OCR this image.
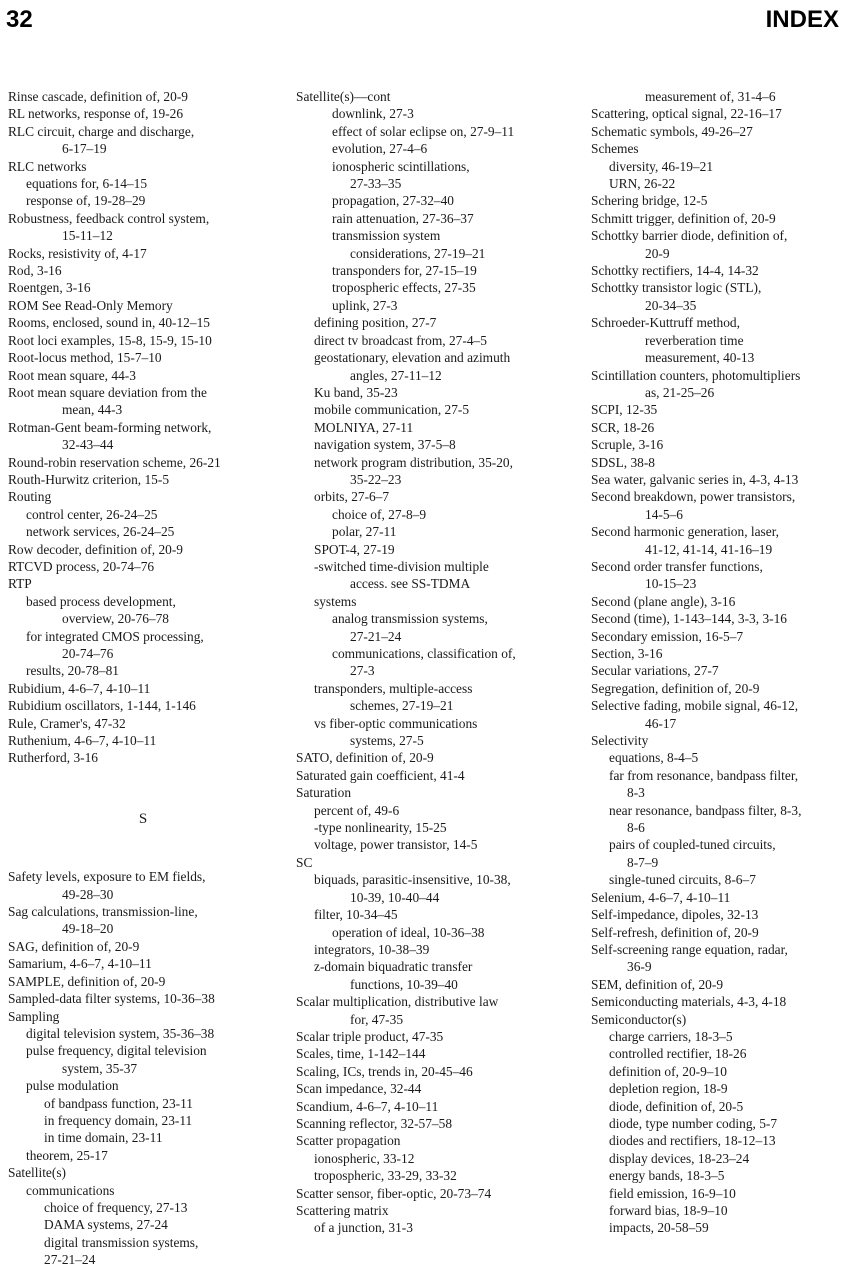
32	INDEX
Rinse cascade, definition of, 20-9
RL networks, response of, 19-26
RLC circuit, charge and discharge,
6-17–19
RLC networks
equations for, 6-14–15
response of, 19-28–29
Robustness, feedback control system,
15-11–12
Rocks, resistivity of, 4-17
Rod, 3-16
Roentgen, 3-16
ROM See Read-Only Memory
Rooms, enclosed, sound in, 40-12–15
Root loci examples, 15-8, 15-9, 15-10
Root-locus method, 15-7–10
Root mean square, 44-3
Root mean square deviation from the
mean, 44-3
Rotman-Gent beam-forming network,
32-43–44
Round-robin reservation scheme, 26-21
Routh-Hurwitz criterion, 15-5
Routing
control center, 26-24–25
network services, 26-24–25
Row decoder, definition of, 20-9
RTCVD process, 20-74–76
RTP
based process development,
overview, 20-76–78
for integrated CMOS processing,
20-74–76
results, 20-78–81
Rubidium, 4-6–7, 4-10–11
Rubidium oscillators, 1-144, 1-146
Rule, Cramer's, 47-32
Ruthenium, 4-6–7, 4-10–11
Rutherford, 3-16
S
Safety levels, exposure to EM fields,
49-28–30
Sag calculations, transmission-line,
49-18–20
SAG, definition of, 20-9
Samarium, 4-6–7, 4-10–11
SAMPLE, definition of, 20-9
Sampled-data filter systems, 10-36–38
Sampling
digital television system, 35-36–38
pulse frequency, digital television
system, 35-37
pulse modulation
of bandpass function, 23-11
in frequency domain, 23-11
in time domain, 23-11
theorem, 25-17
Satellite(s)
communications
choice of frequency, 27-13
DAMA systems, 27-24
digital transmission systems,
27-21–24
Satellite(s)—cont
downlink, 27-3
effect of solar eclipse on, 27-9–11
evolution, 27-4–6
ionospheric scintillations,
27-33–35
propagation, 27-32–40
rain attenuation, 27-36–37
transmission system
considerations, 27-19–21
transponders for, 27-15–19
tropospheric effects, 27-35
uplink, 27-3
defining position, 27-7
direct tv broadcast from, 27-4–5
geostationary, elevation and azimuth
angles, 27-11–12
Ku band, 35-23
mobile communication, 27-5
MOLNIYA, 27-11
navigation system, 37-5–8
network program distribution, 35-20,
35-22–23
orbits, 27-6–7
choice of, 27-8–9
polar, 27-11
SPOT-4, 27-19
-switched time-division multiple
access. see SS-TDMA
systems
analog transmission systems,
27-21–24
communications, classification of,
27-3
transponders, multiple-access
schemes, 27-19–21
vs fiber-optic communications
systems, 27-5
SATO, definition of, 20-9
Saturated gain coefficient, 41-4
Saturation
percent of, 49-6
-type nonlinearity, 15-25
voltage, power transistor, 14-5
SC
biquads, parasitic-insensitive, 10-38,
10-39, 10-40–44
filter, 10-34–45
operation of ideal, 10-36–38
integrators, 10-38–39
z-domain biquadratic transfer
functions, 10-39–40
Scalar multiplication, distributive law
for, 47-35
Scalar triple product, 47-35
Scales, time, 1-142–144
Scaling, ICs, trends in, 20-45–46
Scan impedance, 32-44
Scandium, 4-6–7, 4-10–11
Scanning reflector, 32-57–58
Scatter propagation
ionospheric, 33-12
tropospheric, 33-29, 33-32
Scatter sensor, fiber-optic, 20-73–74
Scattering matrix
of a junction, 31-3
measurement of, 31-4–6
Scattering, optical signal, 22-16–17
Schematic symbols, 49-26–27
Schemes
diversity, 46-19–21
URN, 26-22
Schering bridge, 12-5
Schmitt trigger, definition of, 20-9
Schottky barrier diode, definition of,
20-9
Schottky rectifiers, 14-4, 14-32
Schottky transistor logic (STL),
20-34–35
Schroeder-Kuttruff method,
reverberation time
measurement, 40-13
Scintillation counters, photomultipliers
as, 21-25–26
SCPI, 12-35
SCR, 18-26
Scruple, 3-16
SDSL, 38-8
Sea water, galvanic series in, 4-3, 4-13
Second breakdown, power transistors,
14-5–6
Second harmonic generation, laser,
41-12, 41-14, 41-16–19
Second order transfer functions,
10-15–23
Second (plane angle), 3-16
Second (time), 1-143–144, 3-3, 3-16
Secondary emission, 16-5–7
Section, 3-16
Secular variations, 27-7
Segregation, definition of, 20-9
Selective fading, mobile signal, 46-12,
46-17
Selectivity
equations, 8-4–5
far from resonance, bandpass filter,
8-3
near resonance, bandpass filter, 8-3,
8-6
pairs of coupled-tuned circuits,
8-7–9
single-tuned circuits, 8-6–7
Selenium, 4-6–7, 4-10–11
Self-impedance, dipoles, 32-13
Self-refresh, definition of, 20-9
Self-screening range equation, radar,
36-9
SEM, definition of, 20-9
Semiconducting materials, 4-3, 4-18
Semiconductor(s)
charge carriers, 18-3–5
controlled rectifier, 18-26
definition of, 20-9–10
depletion region, 18-9
diode, definition of, 20-5
diode, type number coding, 5-7
diodes and rectifiers, 18-12–13
display devices, 18-23–24
energy bands, 18-3–5
field emission, 16-9–10
forward bias, 18-9–10
impacts, 20-58–59
